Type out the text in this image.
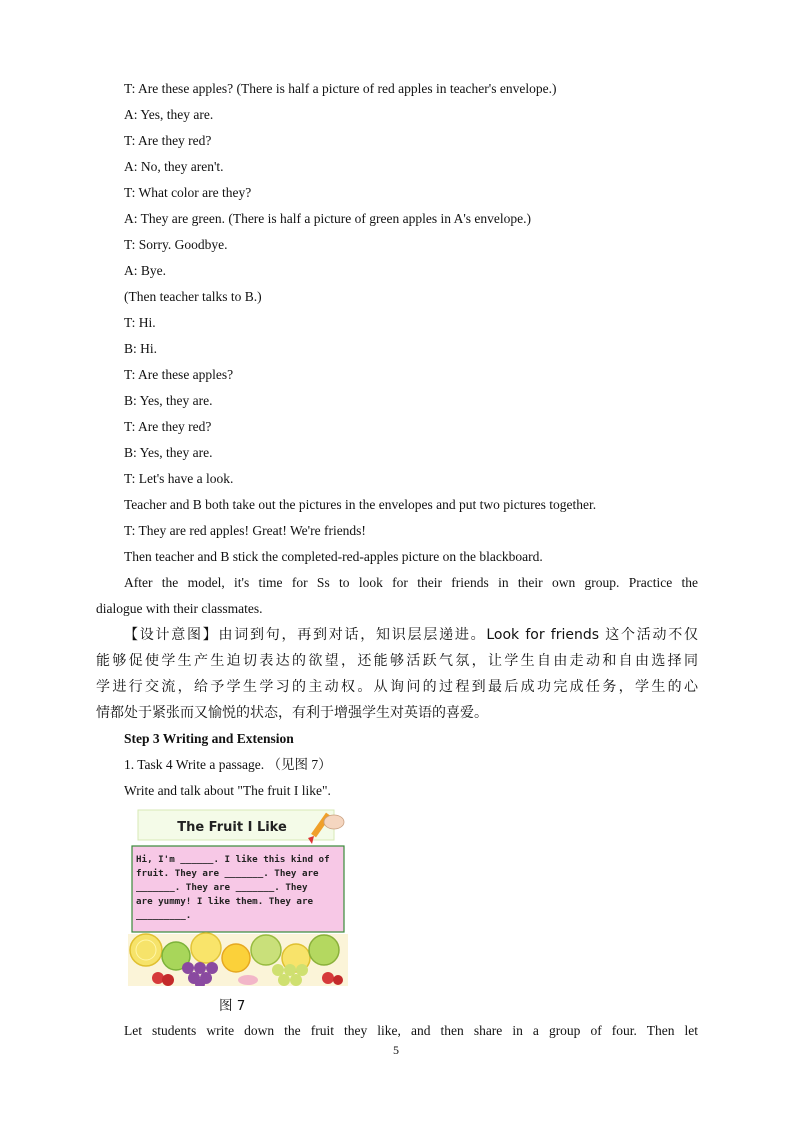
T: Are these apples? (There is half a picture of red apples in teacher's envelope.)
A: Yes, they are.
T: Are they red?
A: No, they aren't.
T: What color are they?
A: They are green. (There is half a picture of green apples in A's envelope.)
T: Sorry. Goodbye.
A: Bye.
(Then teacher talks to B.)
T: Hi.
B: Hi.
T: Are these apples?
B: Yes, they are.
T: Are they red?
B: Yes, they are.
T: Let's have a look.
Teacher and B both take out the pictures in the envelopes and put two pictures together.
T: They are red apples! Great! We're friends!
Then teacher and B stick the completed-red-apples picture on the blackboard.
After the model, it's time for Ss to look for their friends in their own group. Practice the
dialogue with their classmates.
【设计意图】由词到句，再到对话，知识层层递进。Look for friends 这个活动不仅
能够促使学生产生迫切表达的欲望，还能够活跃气氛，让学生自由走动和自由选择同
学进行交流，给予学生学习的主动权。从询问的过程到最后成功完成任务，学生的心
情都处于紧张而又愉悦的状态，有利于增强学生对英语的喜爱。
Step 3 Writing and Extension
1. Task 4 Write a passage. （见图 7）
Write and talk about "The fruit I like".
The Fruit I Like
Hi, I'm ______. I like this kind of
fruit. They are _______. They are
_______. They are _______. They
are yummy! I like them. They are
_________.
图 7
Let students write down the fruit they like, and then share in a group of four. Then let
5
